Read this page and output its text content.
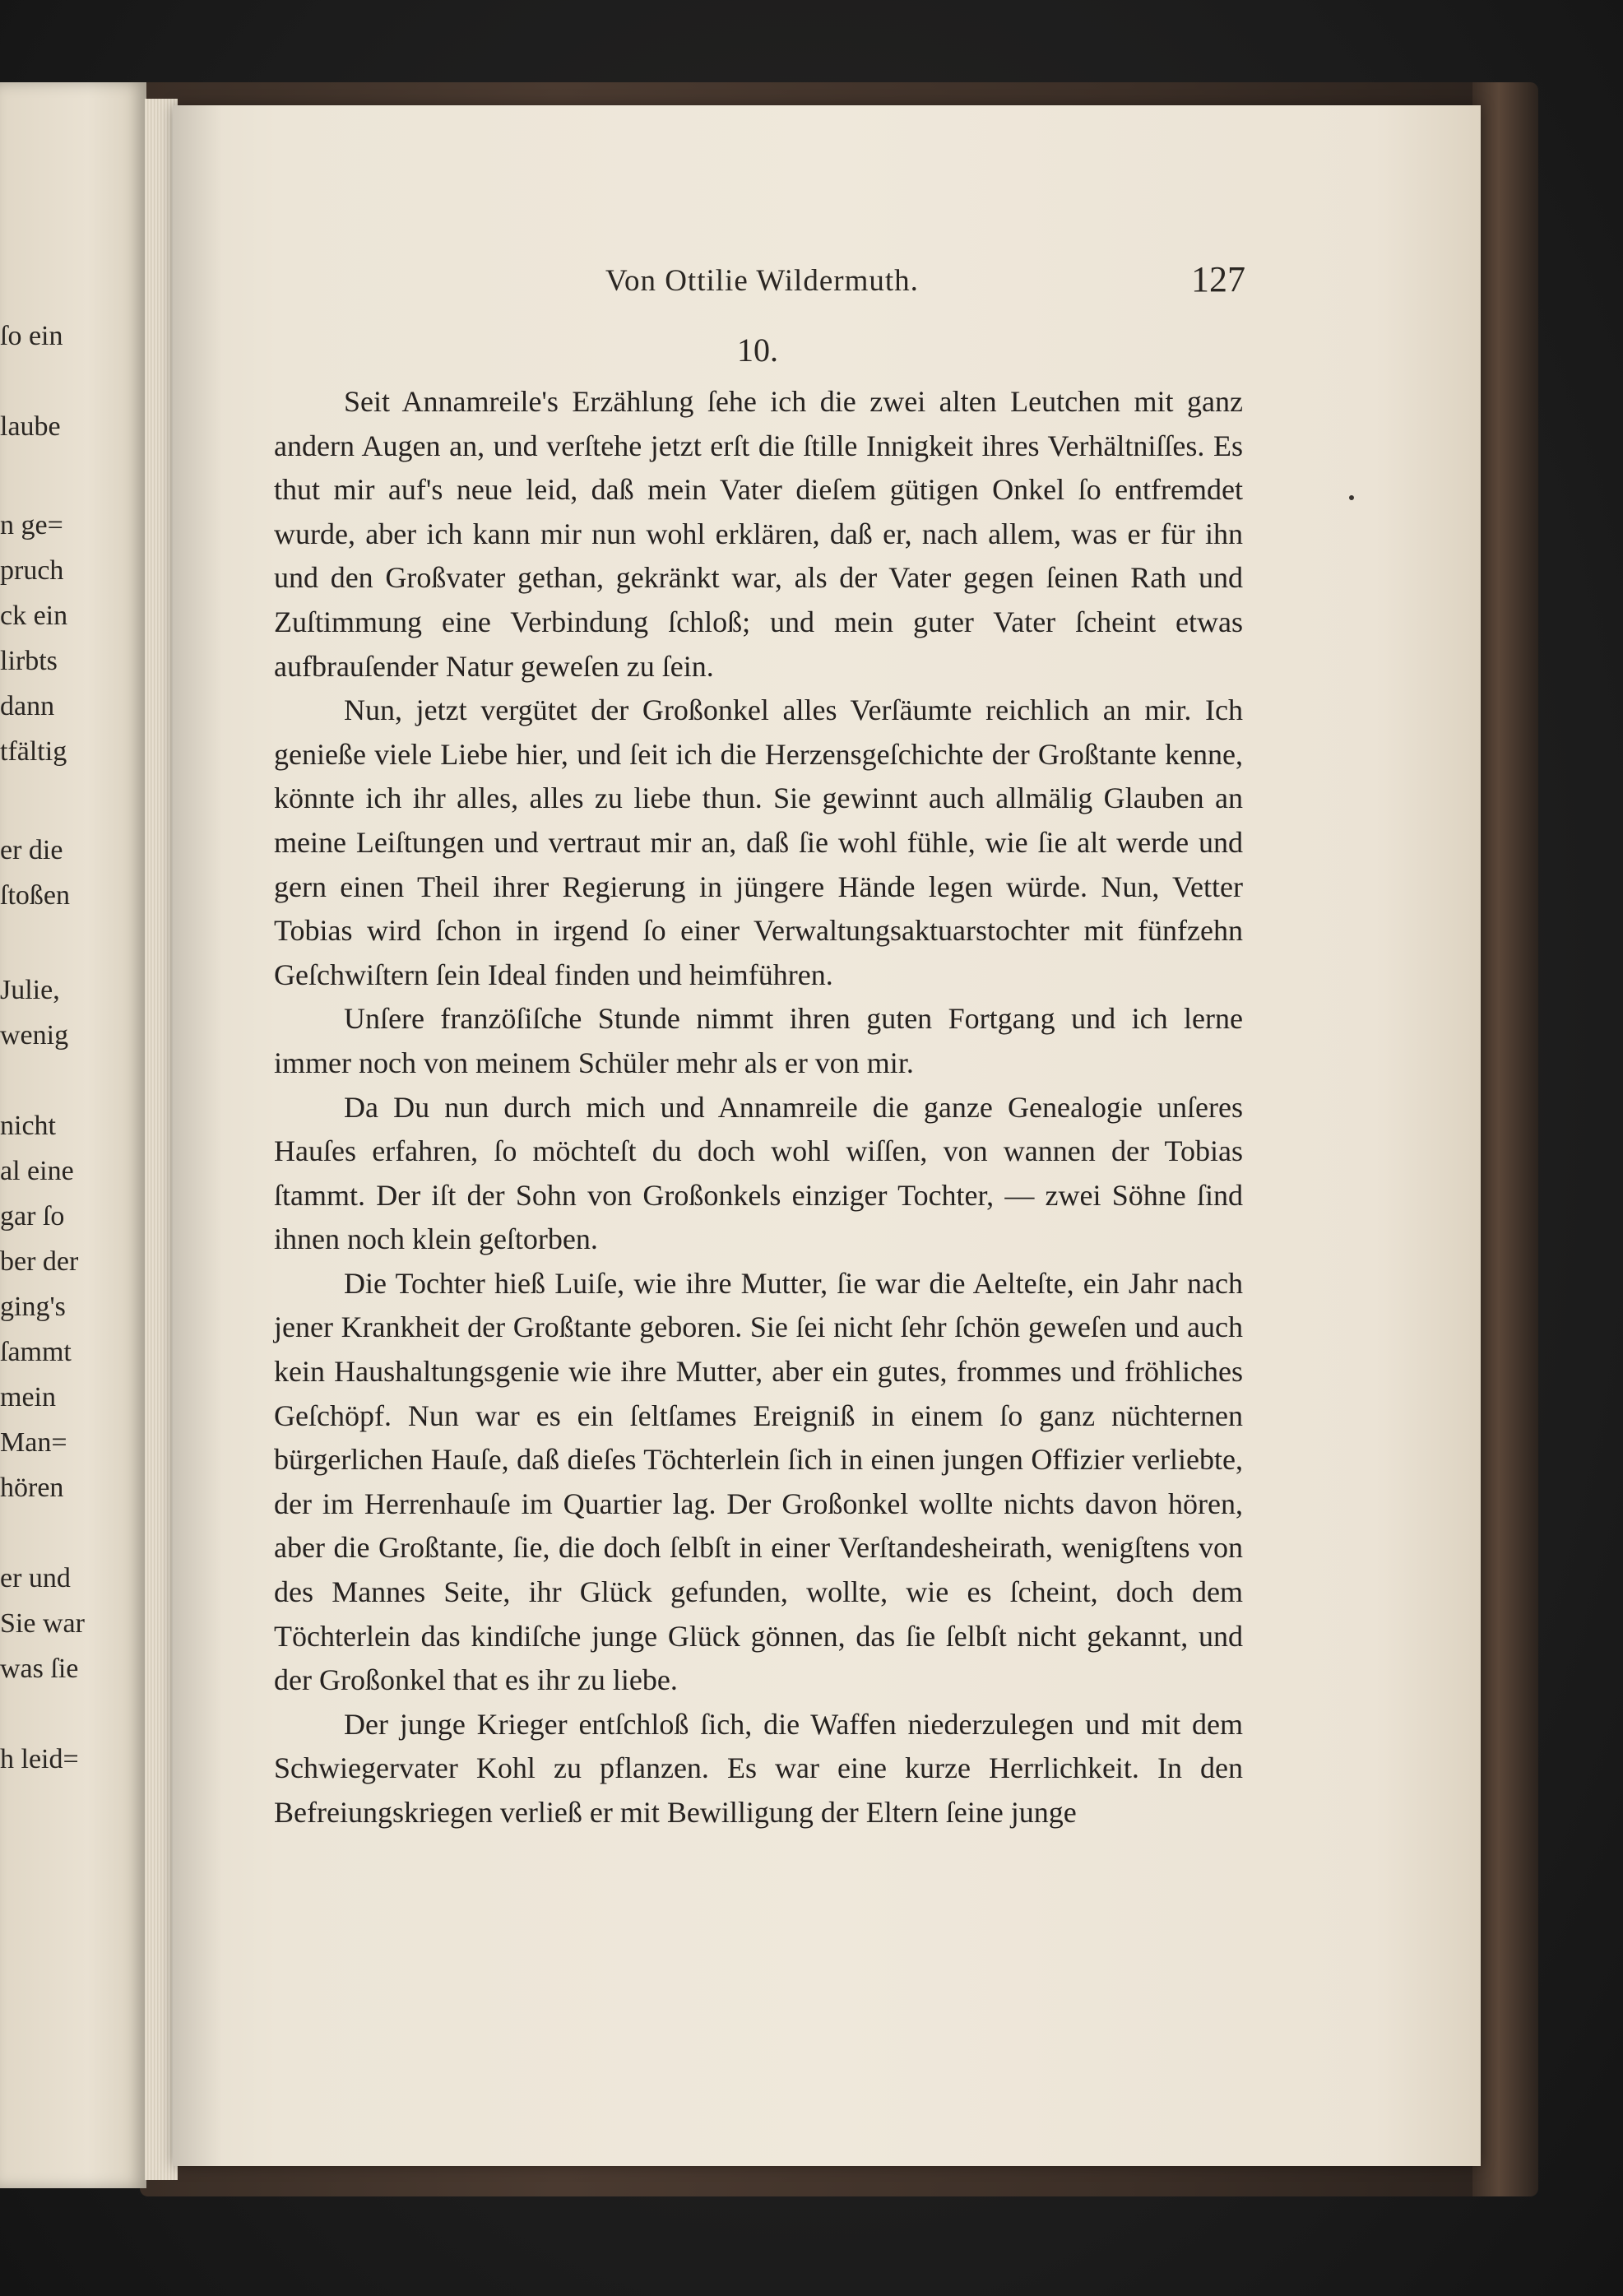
ſo ein
laube
n ge=
pruch
ck ein
lirbts
dann
tfältig
er die
ſtoßen
Julie,
wenig
nicht
al eine
gar ſo
ber der
ging's
ſammt
mein
Man=
hören
er und
Sie war
was ſie
h leid=
Von Ottilie Wildermuth.	127
10.

Seit Annamreile's Erzählung ſehe ich die zwei alten Leutchen mit ganz andern Augen an, und verſtehe jetzt erſt die ſtille Innigkeit ihres Verhältniſſes. Es thut mir auf's neue leid, daß mein Vater dieſem gütigen Onkel ſo entfremdet wurde, aber ich kann mir nun wohl erklären, daß er, nach allem, was er für ihn und den Großvater gethan, gekränkt war, als der Vater gegen ſeinen Rath und Zuſtimmung eine Verbindung ſchloß; und mein guter Vater ſcheint etwas aufbrauſender Natur geweſen zu ſein.

Nun, jetzt vergütet der Großonkel alles Verſäumte reichlich an mir. Ich genieße viele Liebe hier, und ſeit ich die Herzensgeſchichte der Großtante kenne, könnte ich ihr alles, alles zu liebe thun. Sie gewinnt auch allmälig Glauben an meine Leiſtungen und vertraut mir an, daß ſie wohl fühle, wie ſie alt werde und gern einen Theil ihrer Regierung in jüngere Hände legen würde. Nun, Vetter Tobias wird ſchon in irgend ſo einer Verwaltungsaktuarstochter mit fünfzehn Geſchwiſtern ſein Ideal finden und heimführen.

Unſere franzöſiſche Stunde nimmt ihren guten Fortgang und ich lerne immer noch von meinem Schüler mehr als er von mir.

Da Du nun durch mich und Annamreile die ganze Genealogie unſeres Hauſes erfahren, ſo möchteſt du doch wohl wiſſen, von wannen der Tobias ſtammt. Der iſt der Sohn von Großonkels einziger Tochter, — zwei Söhne ſind ihnen noch klein geſtorben.

Die Tochter hieß Luiſe, wie ihre Mutter, ſie war die Aelteſte, ein Jahr nach jener Krankheit der Großtante geboren. Sie ſei nicht ſehr ſchön geweſen und auch kein Haushaltungsgenie wie ihre Mutter, aber ein gutes, frommes und fröhliches Geſchöpf. Nun war es ein ſeltſames Ereigniß in einem ſo ganz nüchternen bürgerlichen Hauſe, daß dieſes Töchterlein ſich in einen jungen Offizier verliebte, der im Herrenhauſe im Quartier lag. Der Großonkel wollte nichts davon hören, aber die Großtante, ſie, die doch ſelbſt in einer Verſtandesheirath, wenigſtens von des Mannes Seite, ihr Glück gefunden, wollte, wie es ſcheint, doch dem Töchterlein das kindiſche junge Glück gönnen, das ſie ſelbſt nicht gekannt, und der Großonkel that es ihr zu liebe.

Der junge Krieger entſchloß ſich, die Waffen niederzulegen und mit dem Schwiegervater Kohl zu pflanzen. Es war eine kurze Herrlichkeit. In den Befreiungskriegen verließ er mit Bewilligung der Eltern ſeine junge
